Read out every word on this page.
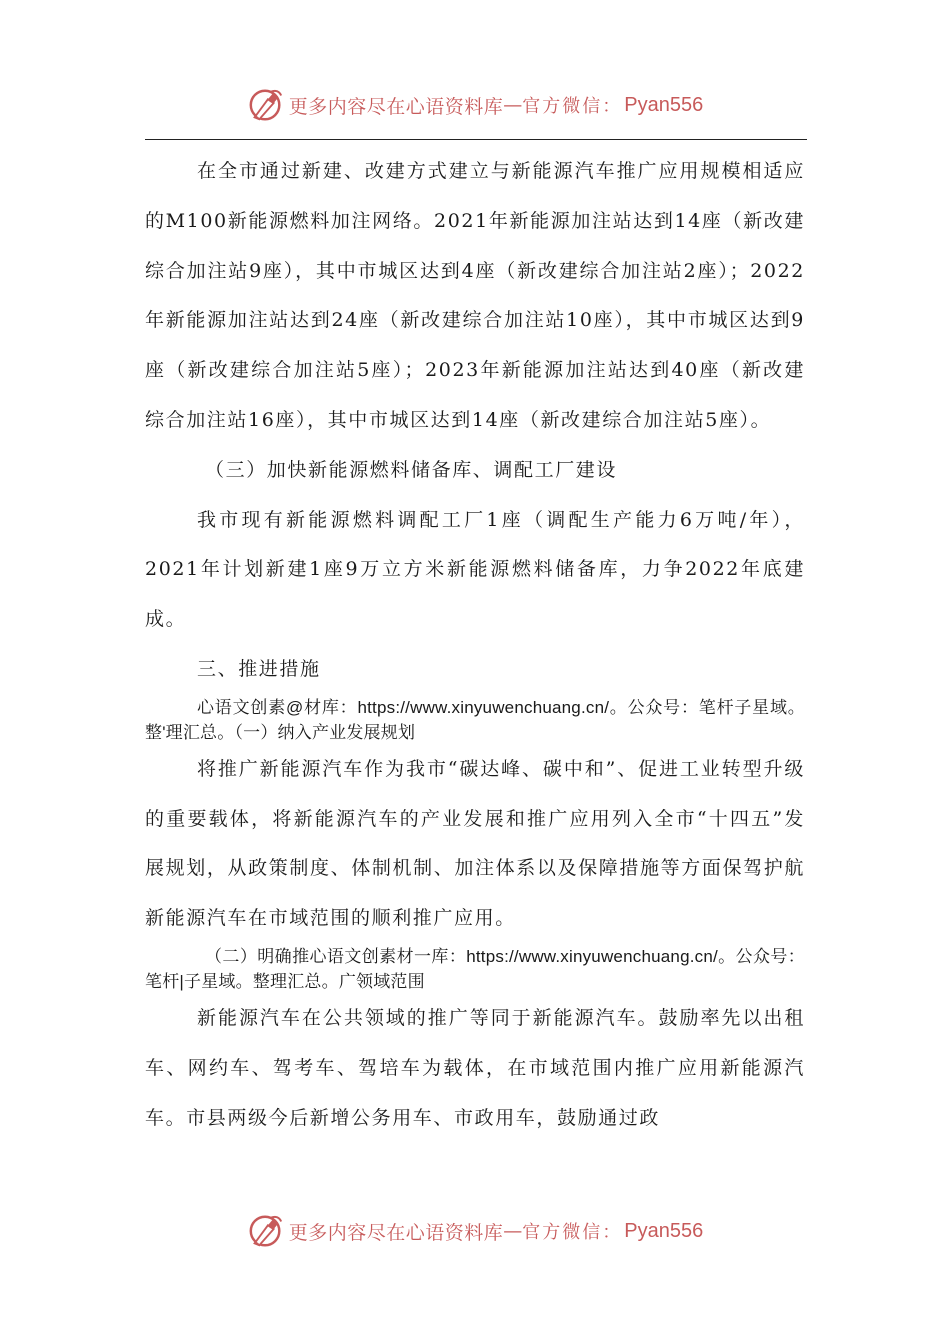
更多内容尽在心语资料库 — 官方微信： Pyan556

在全市通过新建、改建方式建立与新能源汽车推广应用规模相适应的M100新能源燃料加注网络。2021年新能源加注站达到14座（新改建综合加注站9座），其中市城区达到4座（新改建综合加注站2座）；2022年新能源加注站达到24座（新改建综合加注站10座），其中市城区达到9座（新改建综合加注站5座）；2023年新能源加注站达到40座（新改建综合加注站16座），其中市城区达到14座（新改建综合加注站5座）。

（三）加快新能源燃料储备库、调配工厂建设

我市现有新能源燃料调配工厂1座（调配生产能力6万吨/年），2021年计划新建1座9万立方米新能源燃料储备库，力争2022年底建成。

三、推进措施

心语文创素@材库：https://www.xinyuwenchuang.cn/。公众号：笔杆子星域。整'理汇总。（一）纳入产业发展规划

将推广新能源汽车作为我市“碳达峰、碳中和”、促进工业转型升级的重要载体，将新能源汽车的产业发展和推广应用列入全市“十四五”发展规划，从政策制度、体制机制、加注体系以及保障措施等方面保驾护航新能源汽车在市域范围的顺利推广应用。

（二）明确推心语文创素材一库：https://www.xinyuwenchuang.cn/。公众号：笔杆|子星域。整理汇总。广领域范围

新能源汽车在公共领域的推广等同于新能源汽车。鼓励率先以出租车、网约车、驾考车、驾培车为载体，在市域范围内推广应用新能源汽车。市县两级今后新增公务用车、市政用车，鼓励通过政

更多内容尽在心语资料库 — 官方微信： Pyan556
